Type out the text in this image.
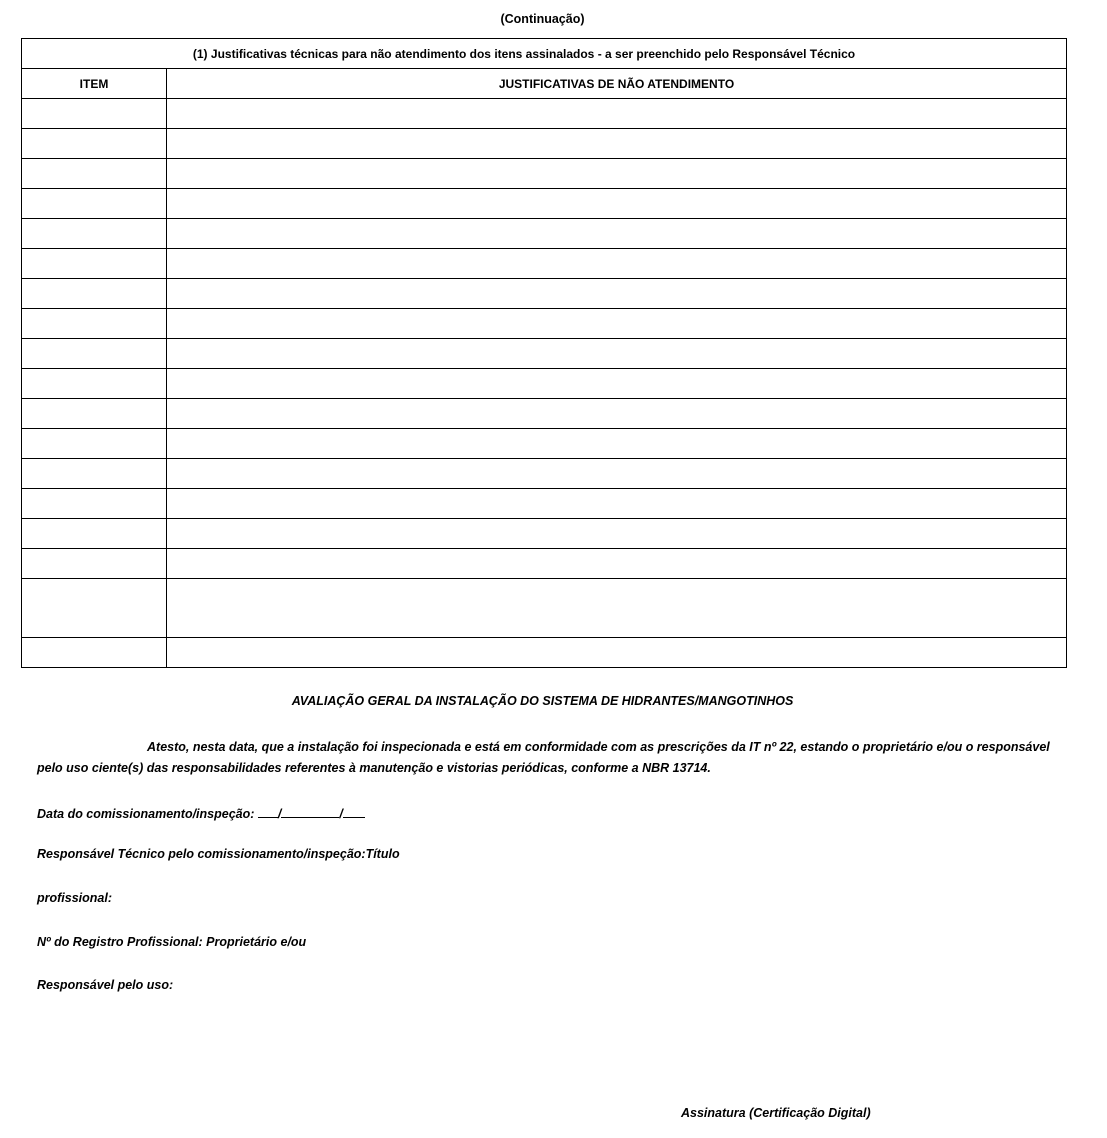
(Continuação)
(1) Justificativas técnicas para não atendimento dos itens assinalados - a ser preenchido pelo Responsável Técnico	
ITEM	JUSTIFICATIVAS DE NÃO ATENDIMENTO

AVALIAÇÃO GERAL DA INSTALAÇÃO DO SISTEMA DE HIDRANTES/MANGOTINHOS

Atesto, nesta data, que a instalação foi inspecionada e está em conformidade com as prescrições da IT nº 22, estando o proprietário e/ou o responsável pelo uso ciente(s) das responsabilidades referentes à manutenção e vistorias periódicas, conforme a NBR 13714.

Data do comissionamento/inspeção: /	/
Responsável Técnico pelo comissionamento/inspeção:Título
profissional:
Nº do Registro Profissional: Proprietário e/ou
Responsável pelo uso:
Assinatura (Certificação Digital)
